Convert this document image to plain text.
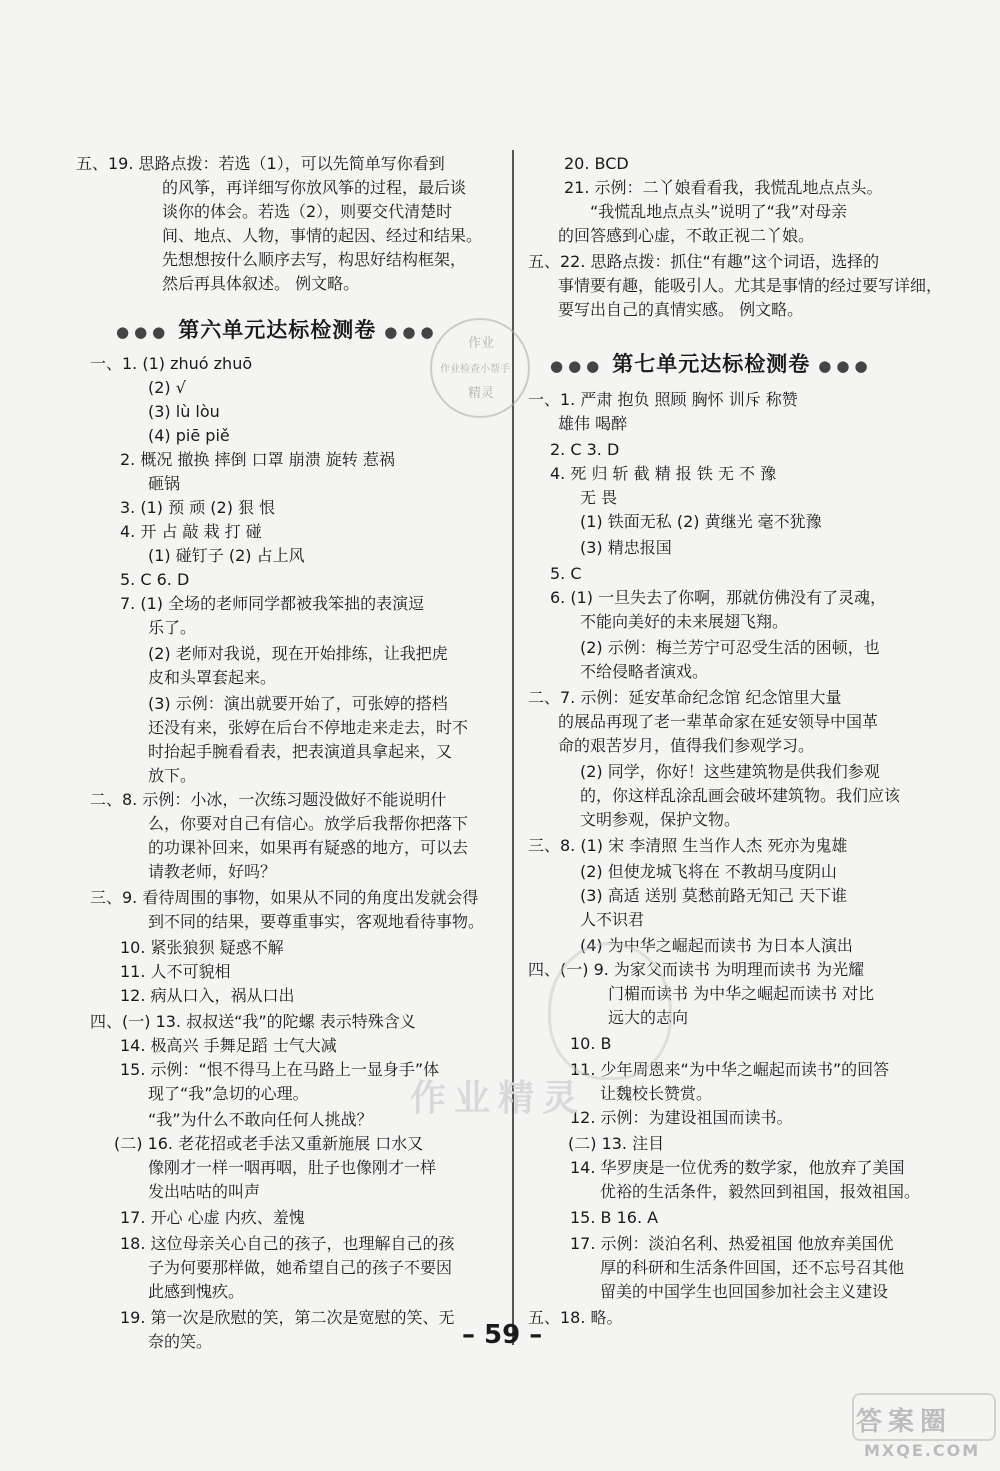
五、19. 思路点拨：若选（1），可以先简单写你看到
的风筝，再详细写你放风筝的过程，最后谈
谈你的体会。若选（2），则要交代清楚时
间、地点、人物，事情的起因、经过和结果。
先想想按什么顺序去写，构思好结构框架，
然后再具体叙述。 例文略。
●●● 第六单元达标检测卷 ●●●
一、1. (1) zhuó zhuō
(2) √
(3) lù lòu
(4) piē piě
2. 概况 撤换 摔倒 口罩 崩溃 旋转 惹祸
砸锅
3. (1) 预 顽 (2) 狠 恨
4. 开 占 敲 栽 打 碰
(1) 碰钉子 (2) 占上风
5. C 6. D
7. (1) 全场的老师同学都被我笨拙的表演逗
乐了。
(2) 老师对我说，现在开始排练，让我把虎
皮和头罩套起来。
(3) 示例：演出就要开始了，可张婷的搭档
还没有来，张婷在后台不停地走来走去，时不
时抬起手腕看看表，把表演道具拿起来，又
放下。
二、8. 示例：小冰，一次练习题没做好不能说明什
么，你要对自己有信心。放学后我帮你把落下
的功课补回来，如果再有疑惑的地方，可以去
请教老师，好吗？
三、9. 看待周围的事物，如果从不同的角度出发就会得
到不同的结果，要尊重事实，客观地看待事物。
10. 紧张狼狈 疑惑不解
11. 人不可貌相
12. 病从口入，祸从口出
四、(一) 13. 叔叔送“我”的陀螺 表示特殊含义
14. 极高兴 手舞足蹈 士气大减
15. 示例：“恨不得马上在马路上一显身手”体
现了“我”急切的心理。
“我”为什么不敢向任何人挑战？
(二) 16. 老花招或老手法又重新施展 口水又
像刚才一样一咽再咽，肚子也像刚才一样
发出咕咕的叫声
17. 开心 心虚 内疚、羞愧
18. 这位母亲关心自己的孩子，也理解自己的孩
子为何要那样做，她希望自己的孩子不要因
此感到愧疚。
19. 第一次是欣慰的笑，第二次是宽慰的笑、无
奈的笑。
20. BCD
21. 示例：二丫娘看看我，我慌乱地点点头。
“我慌乱地点点头”说明了“我”对母亲
的回答感到心虚，不敢正视二丫娘。
五、22. 思路点拨：抓住“有趣”这个词语，选择的
事情要有趣，能吸引人。尤其是事情的经过要写详细，
要写出自己的真情实感。 例文略。
●●● 第七单元达标检测卷 ●●●
一、1. 严肃 抱负 照顾 胸怀 训斥 称赞
雄伟 喝醉
2. C 3. D
4. 死 归 斩 截 精 报 铁 无 不 豫
无 畏
(1) 铁面无私 (2) 黄继光 毫不犹豫
(3) 精忠报国
5. C
6. (1) 一旦失去了你啊，那就仿佛没有了灵魂，
不能向美好的未来展翅飞翔。
(2) 示例：梅兰芳宁可忍受生活的困顿，也
不给侵略者演戏。
二、7. 示例：延安革命纪念馆 纪念馆里大量
的展品再现了老一辈革命家在延安领导中国革
命的艰苦岁月，值得我们参观学习。
(2) 同学，你好！这些建筑物是供我们参观
的，你这样乱涂乱画会破坏建筑物。我们应该
文明参观，保护文物。
三、8. (1) 宋 李清照 生当作人杰 死亦为鬼雄
(2) 但使龙城飞将在 不教胡马度阴山
(3) 高适 送别 莫愁前路无知己 天下谁
人不识君
(4) 为中华之崛起而读书 为日本人演出
四、(一) 9. 为家父而读书 为明理而读书 为光耀
门楣而读书 为中华之崛起而读书 对比
远大的志向
10. B
11. 少年周恩来“为中华之崛起而读书”的回答
让魏校长赞赏。
12. 示例：为建设祖国而读书。
(二) 13. 注目
14. 华罗庚是一位优秀的数学家，他放弃了美国
优裕的生活条件，毅然回到祖国，报效祖国。
15. B 16. A
17. 示例：淡泊名利、热爱祖国 他放弃美国优
厚的科研和生活条件回国，还不忘号召其他
留美的中国学生也回国参加社会主义建设
五、18. 略。
– 59 –
作业
作业检查小帮手
精灵
作业精灵
答案圈
MXQE.COM
